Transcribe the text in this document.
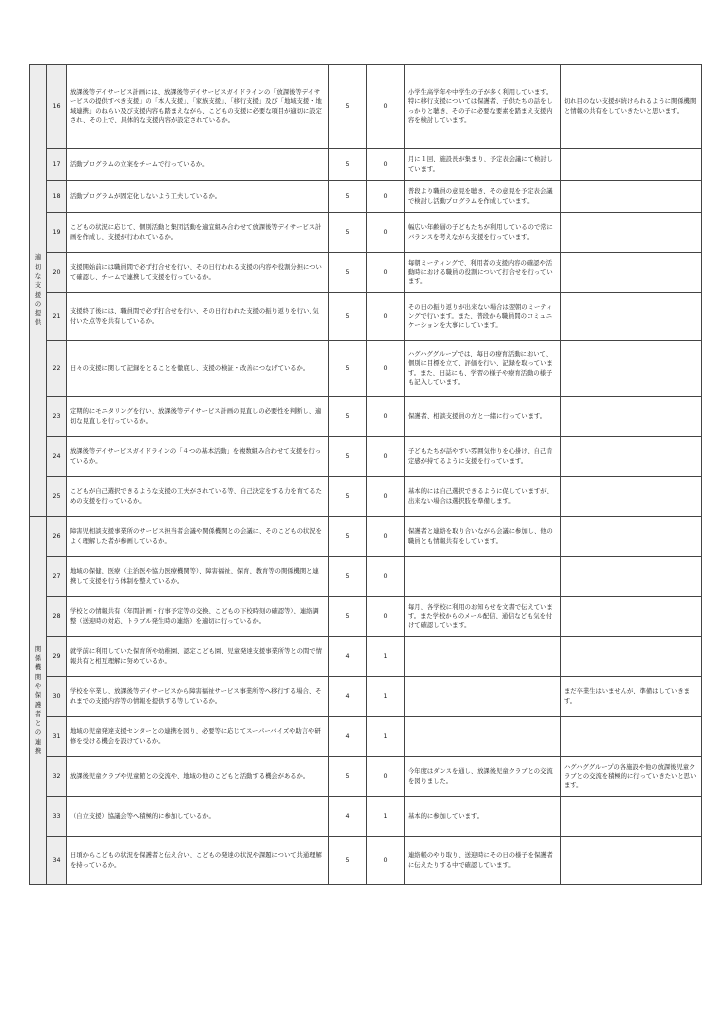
適切な支援の提供	16	放課後等デイサービス計画には、放課後等デイサービスガイドラインの「放課後等デイサービスの提供すべき支援」の「本人支援」、「家族支援」、「移行支援」及び「地域支援・地域連携」のねらい及び支援内容も踏まえながら、こどもの支援に必要な項目が適切に設定され、その上で、具体的な支援内容が設定されているか。	5	0	小学生高学年や中学生の子が多く利用しています。特に移行支援については保護者、子供たちの話をしっかりと聴き、その子に必要な要素を踏まえ支援内容を検討しています。	切れ目のない支援が続けられるように関係機関と情報の共有をしていきたいと思います。
	17	活動プログラムの立案をチームで行っているか。	5	0	月に１回、施設長が集まり、予定表会議にて検討しています。	
	18	活動プログラムが固定化しないよう工夫しているか。	5	0	普段より職員の意見を聴き、その意見を予定表会議で検討し活動プログラムを作成しています。	
	19	こどもの状況に応じて、個別活動と集団活動を適宜組み合わせて放課後等デイサービス計画を作成し、支援が行われているか。	5	0	幅広い年齢層の子どもたちが利用しているので常にバランスを考えながら支援を行っています。	
	20	支援開始前には職員間で必ず打合せを行い、その日行われる支援の内容や役割分担について確認し、チームで連携して支援を行っているか。	5	0	毎朝ミーティングで、利用者の支援内容の確認や活動時における職員の役割について打合せを行っています。	
	21	支援終了後には、職員間で必ず打合せを行い、その日行われた支援の振り返りを行い､気付いた点等を共有しているか。	5	0	その日の振り返りが出来ない場合は翌朝のミーティングで行います。また、普段から職員間のコミュニケーションを大事にしています。	
	22	日々の支援に関して記録をとることを徹底し、支援の検証・改善につなげているか。	5	0	ハグハググループでは、毎日の療育活動において、個別に目標を立て、評価を行い、記録を取っています。また、日誌にも、学習の様子や療育活動の様子も記入しています。	
	23	定期的にモニタリングを行い、放課後等デイサービス計画の見直しの必要性を判断し、適切な見直しを行っているか。	5	0	保護者、相談支援員の方と一緒に行っています。	
	24	放課後等デイサービスガイドラインの「４つの基本活動」を複数組み合わせて支援を行っているか。	5	0	子どもたちが話やすい雰囲気作りを心掛け、自己肯定感が持てるように支援を行っています。	
	25	こどもが自己選択できるような支援の工夫がされている等、自己決定をする力を育てるための支援を行っているか。	5	0	基本的には自己選択できるように促していますが、出来ない場合は選択肢を準備します。	
関係機関や保護者との連携	26	障害児相談支援事業所のサービス担当者会議や関係機関との会議に、そのこどもの状況をよく理解した者が参画しているか。	5	0	保護者と連絡を取り合いながら会議に参加し、他の職員とも情報共有をしています。	
	27	地域の保健、医療（主治医や協力医療機関等）、障害福祉、保育、教育等の関係機関と連携して支援を行う体制を整えているか。	5	0		
	28	学校との情報共有（年間計画・行事予定等の交換、こどもの下校時刻の確認等）、連絡調整（送迎時の対応、トラブル発生時の連絡）を適切に行っているか。	5	0	毎月、各学校に利用のお知らせを文書で伝えています。また学校からのメール配信、通信なども気を付けて確認しています。	
	29	就学前に利用していた保育所や幼稚園、認定こども園、児童発達支援事業所等との間で情報共有と相互理解に努めているか。	4	1		
	30	学校を卒業し、放課後等デイサービスから障害福祉サービス事業所等へ移行する場合、それまでの支援内容等の情報を提供する等しているか。	4	1		まだ卒業生はいませんが、準備はしていきます。
	31	地域の児童発達支援センターとの連携を図り、必要等に応じてスーパーバイズや助言や研修を受ける機会を設けているか。	4	1		
	32	放課後児童クラブや児童館との交流や、地域の他のこどもと活動する機会があるか。	5	0	今年度はダンスを通し、放課後児童クラブとの交流を図りました。	ハグハググループの各施設や他の放課後児童クラブとの交流を積極的に行っていきたいと思います。
	33	（自立支援）協議会等へ積極的に参加しているか。	4	1	基本的に参加しています。	
	34	日頃からこどもの状況を保護者と伝え合い、こどもの発達の状況や課題について共通理解を持っているか。	5	0	連絡帳のやり取り、送迎時にその日の様子を保護者に伝えたりする中で確認しています。	
